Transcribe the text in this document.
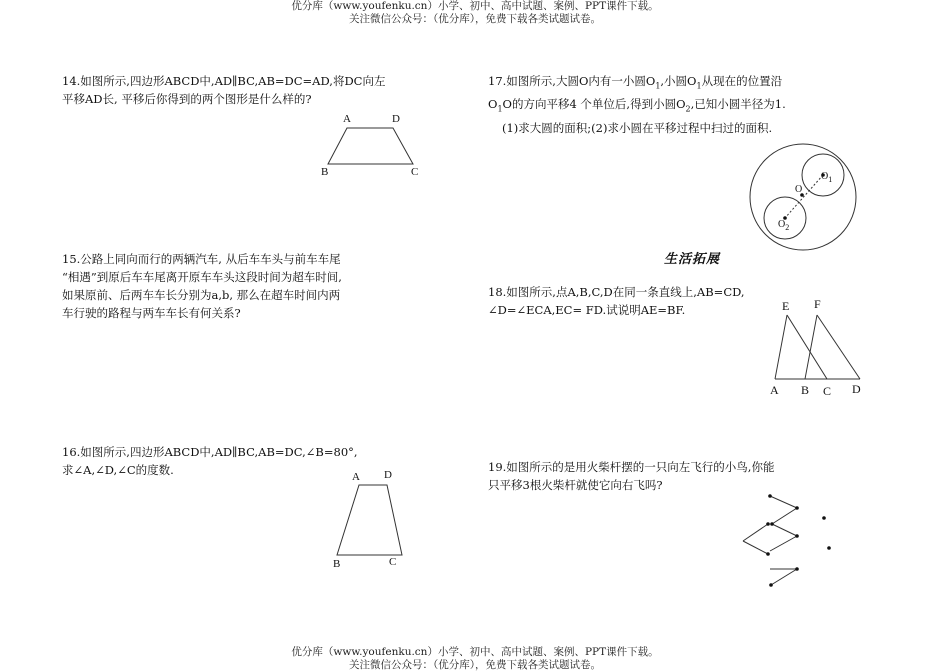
优分库（www.youfenku.cn）小学、初中、高中试题、案例、PPT课件下载。
关注微信公众号：（优分库），免费下载各类试题试卷。
14.如图所示,四边形ABCD中,AD∥BC,AB=DC=AD,将DC向左
平移AD长, 平移后你得到的两个图形是什么样的?
A	D
B	C
15.公路上同向而行的两辆汽车, 从后车车头与前车车尾
“相遇”到原后车车尾离开原车车头这段时间为超车时间,
如果原前、后两车车长分别为a,b, 那么在超车时间内两
车行驶的路程与两车车长有何关系?
16.如图所示,四边形ABCD中,AD∥BC,AB=DC,∠B=80°,
求∠A,∠D,∠C的度数.	A D
B	C
17.如图所示,大圆O内有一小圆$O_1$,小圆$O_1$从现在的位置沿
$O_1O$的方向平移4 个单位后,得到小圆$O_2$,已知小圆半径为1.
(1)求大圆的面积;(2)求小圆在平移过程中扫过的面积.
O
$O_1$
$O_2$
生活拓展
18.如图所示,点A,B,C,D在同一条直线上,AB=CD,
∠D=∠ECA,EC= FD.试说明AE=BF.	E F
A B C D
19.如图所示的是用火柴杆摆的一只向左飞行的小鸟,你能
只平移3根火柴杆就使它向右飞吗?
优分库（www.youfenku.cn）小学、初中、高中试题、案例、PPT课件下载。
关注微信公众号：（优分库），免费下载各类试题试卷。
